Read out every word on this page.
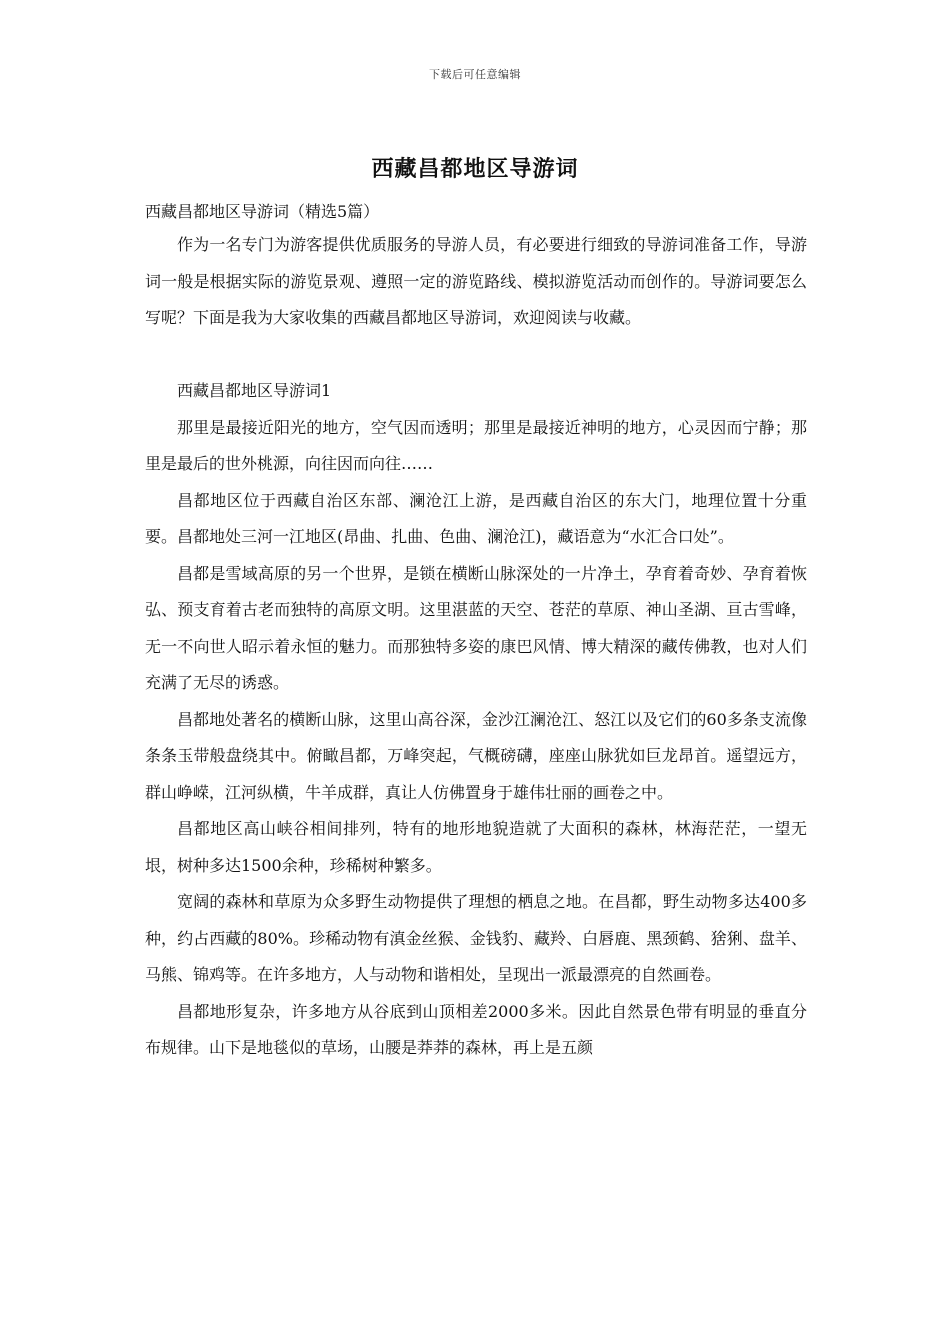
下载后可任意编辑
西藏昌都地区导游词

西藏昌都地区导游词（精选5篇）

作为一名专门为游客提供优质服务的导游人员，有必要进行细致的导游词准备工作，导游词一般是根据实际的游览景观、遵照一定的游览路线、模拟游览活动而创作的。导游词要怎么写呢？下面是我为大家收集的西藏昌都地区导游词，欢迎阅读与收藏。

西藏昌都地区导游词1

那里是最接近阳光的地方，空气因而透明；那里是最接近神明的地方，心灵因而宁静；那里是最后的世外桃源，向往因而向往……

昌都地区位于西藏自治区东部、澜沧江上游，是西藏自治区的东大门，地理位置十分重要。昌都地处三河一江地区(昂曲、扎曲、色曲、澜沧江)，藏语意为“水汇合口处”。

昌都是雪域高原的另一个世界，是锁在横断山脉深处的一片净土，孕育着奇妙、孕育着恢弘、预支育着古老而独特的高原文明。这里湛蓝的天空、苍茫的草原、神山圣湖、亘古雪峰，无一不向世人昭示着永恒的魅力。而那独特多姿的康巴风情、博大精深的藏传佛教，也对人们充满了无尽的诱惑。

昌都地处著名的横断山脉，这里山高谷深，金沙江澜沧江、怒江以及它们的60多条支流像条条玉带般盘绕其中。俯瞰昌都，万峰突起，气概磅礴，座座山脉犹如巨龙昂首。遥望远方，群山峥嵘，江河纵横，牛羊成群，真让人仿佛置身于雄伟壮丽的画卷之中。

昌都地区高山峡谷相间排列，特有的地形地貌造就了大面积的森林，林海茫茫，一望无垠，树种多达1500余种，珍稀树种繁多。

宽阔的森林和草原为众多野生动物提供了理想的栖息之地。在昌都，野生动物多达400多种，约占西藏的80%。珍稀动物有滇金丝猴、金钱豹、藏羚、白唇鹿、黑颈鹤、猞猁、盘羊、马熊、锦鸡等。在许多地方，人与动物和谐相处，呈现出一派最漂亮的自然画卷。

昌都地形复杂，许多地方从谷底到山顶相差2000多米。因此自然景色带有明显的垂直分布规律。山下是地毯似的草场，山腰是莽莽的森林，再上是五颜
